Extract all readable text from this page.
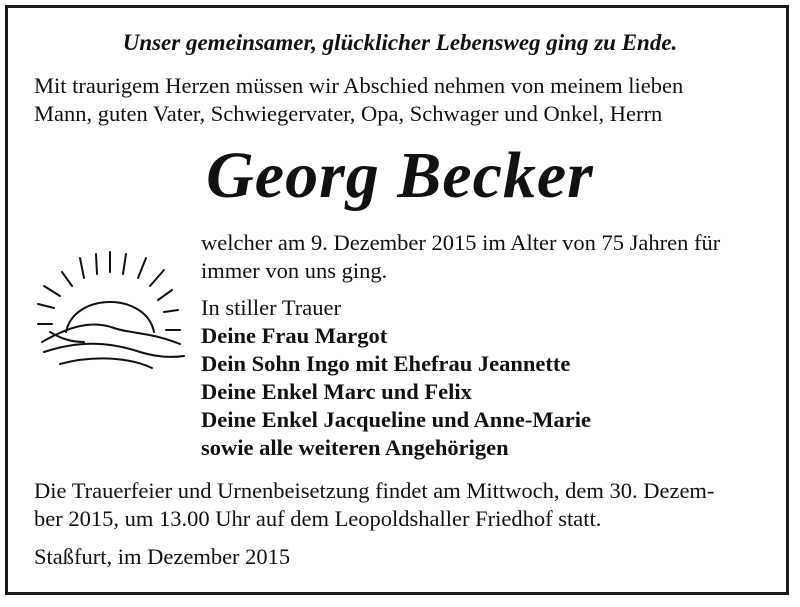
Unser gemeinsamer, glücklicher Lebensweg ging zu Ende.

Mit traurigem Herzen müssen wir Abschied nehmen von meinem lieben

Mann, guten Vater, Schwiegervater, Opa, Schwager und Onkel, Herrn

Georg Becker

welcher am 9. Dezember 2015 im Alter von 75 Jahren für

immer von uns ging.

In stiller Trauer

Deine Frau Margot

Dein Sohn Ingo mit Ehefrau Jeannette

Deine Enkel Marc und Felix

Deine Enkel Jacqueline und Anne-Marie

sowie alle weiteren Angehörigen

Die Trauerfeier und Urnenbeisetzung findet am Mittwoch, dem 30. Dezem-

ber 2015, um 13.00 Uhr auf dem Leopoldshaller Friedhof statt.

Staßfurt, im Dezember 2015
